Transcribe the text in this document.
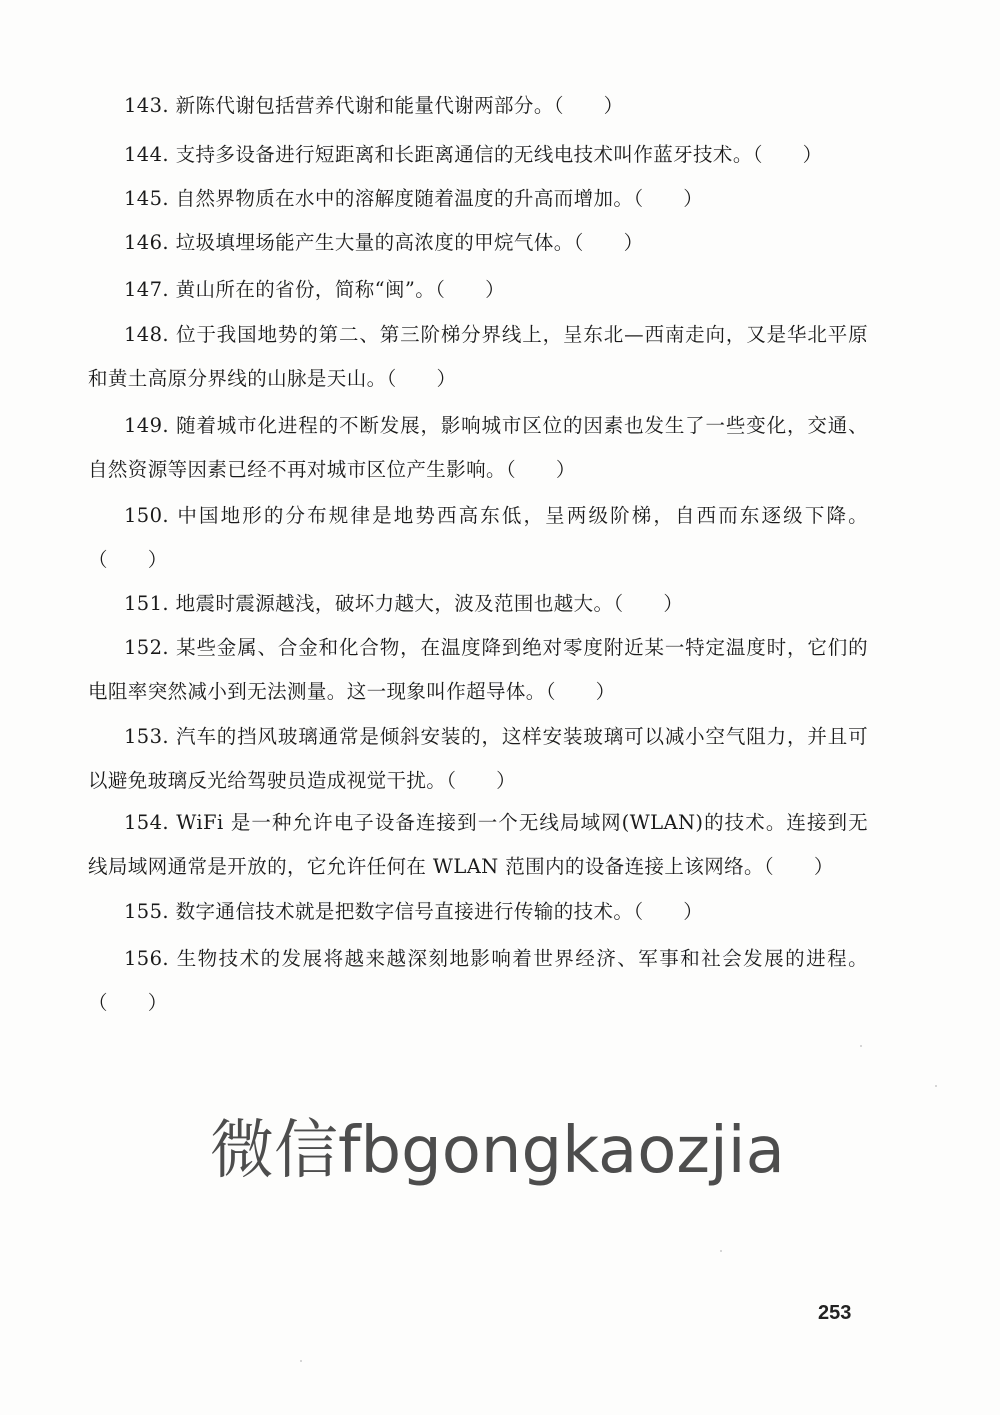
143. 新陈代谢包括营养代谢和能量代谢两部分。（　　）

144. 支持多设备进行短距离和长距离通信的无线电技术叫作蓝牙技术。（　　）

145. 自然界物质在水中的溶解度随着温度的升高而增加。（　　）

146. 垃圾填埋场能产生大量的高浓度的甲烷气体。（　　）

147. 黄山所在的省份，简称“闽”。（　　）

148. 位于我国地势的第二、第三阶梯分界线上，呈东北—西南走向，又是华北平原和黄土高原分界线的山脉是天山。（　　）

149. 随着城市化进程的不断发展，影响城市区位的因素也发生了一些变化，交通、自然资源等因素已经不再对城市区位产生影响。（　　）

150. 中国地形的分布规律是地势西高东低，呈两级阶梯，自西而东逐级下降。（　　）

151. 地震时震源越浅，破坏力越大，波及范围也越大。（　　）

152. 某些金属、合金和化合物，在温度降到绝对零度附近某一特定温度时，它们的电阻率突然减小到无法测量。这一现象叫作超导体。（　　）

153. 汽车的挡风玻璃通常是倾斜安装的，这样安装玻璃可以减小空气阻力，并且可以避免玻璃反光给驾驶员造成视觉干扰。（　　）

154. WiFi 是一种允许电子设备连接到一个无线局域网(WLAN)的技术。连接到无线局域网通常是开放的，它允许任何在 WLAN 范围内的设备连接上该网络。（　　）

155. 数字通信技术就是把数字信号直接进行传输的技术。（　　）

156. 生物技术的发展将越来越深刻地影响着世界经济、军事和社会发展的进程。（　　）

微信fbgongkaozjia
253
